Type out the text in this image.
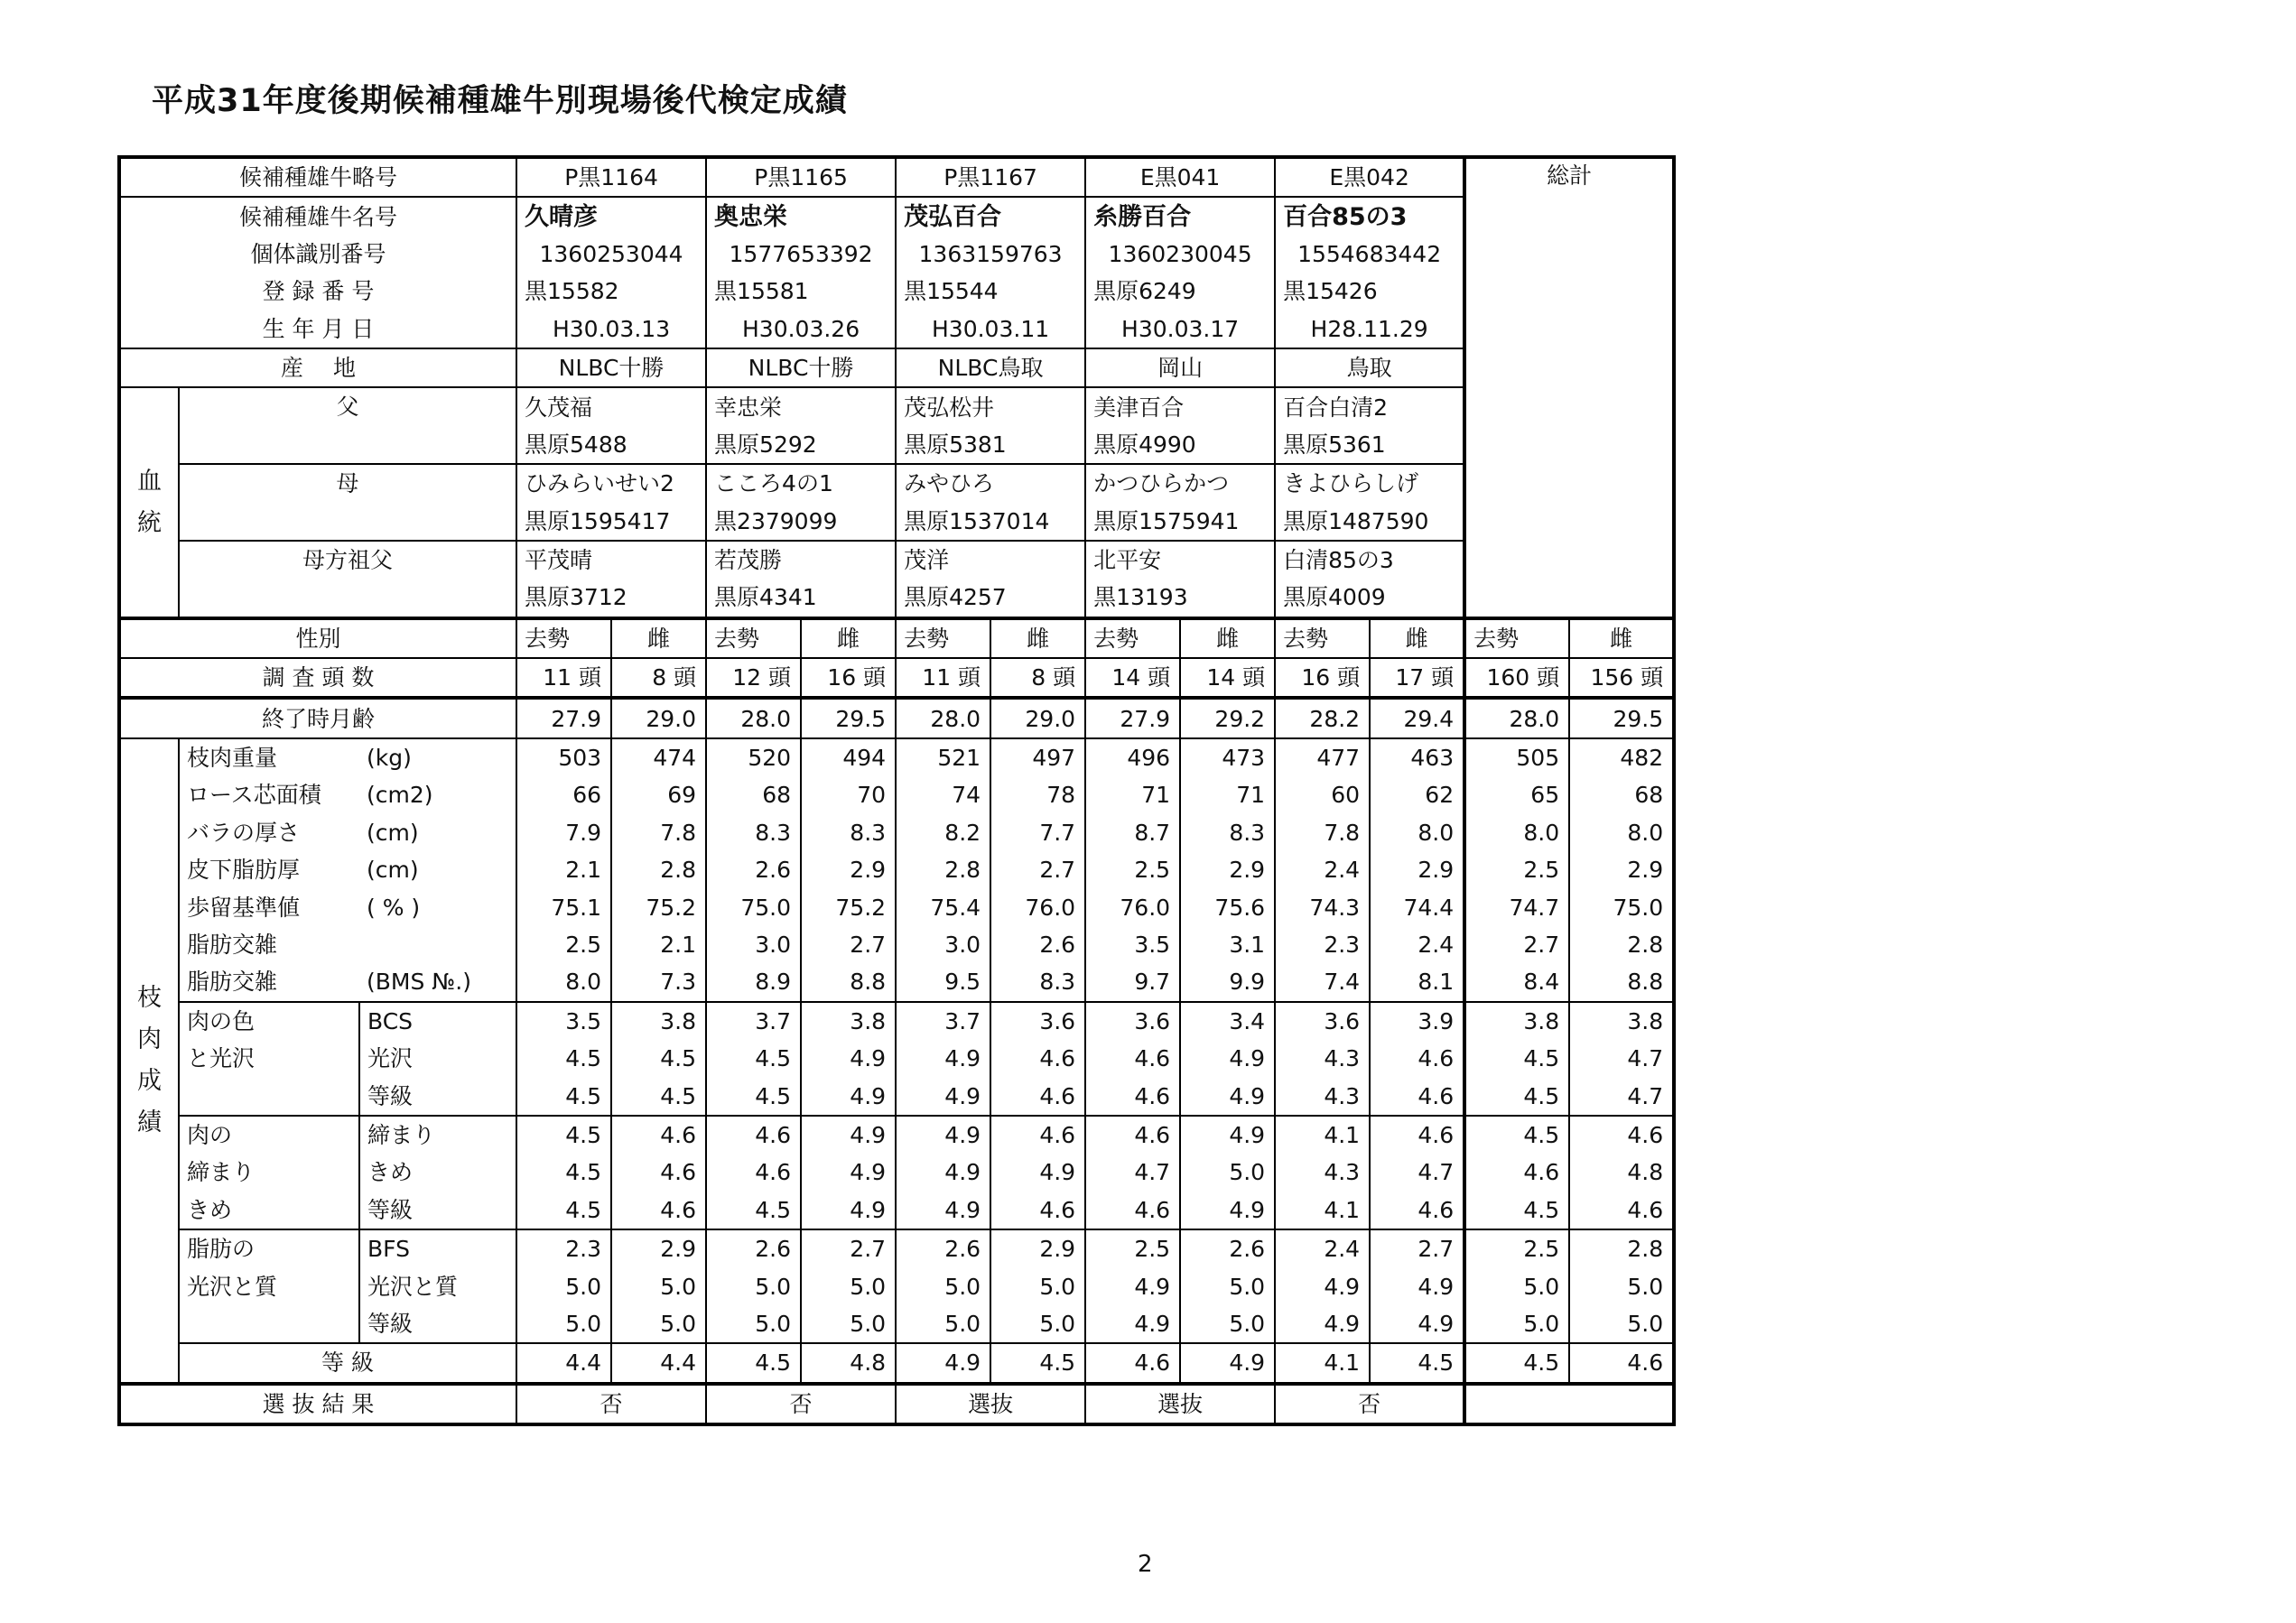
平成31年度後期候補種雄牛別現場後代検定成績
候補種雄牛略号			P黒1164		P黒1165		P黒1167		E黒041		E黒042		総計	
候補種雄牛名号			久晴彦		奥忠栄		茂弘百合		糸勝百合		百合85の3			
個体識別番号			1360253044		1577653392		1363159763		1360230045		1554683442			
登 録 番 号			黒15582		黒15581		黒15544		黒原6249		黒15426			
生 年 月 日			H30.03.13		H30.03.26		H30.03.11		H30.03.17		H28.11.29			
産　 地			NLBC十勝		NLBC十勝		NLBC鳥取		岡山		鳥取			

血
統	父		久茂福		幸忠栄		茂弘松井		美津百合		百合白清2			
			黒原5488		黒原5292		黒原5381		黒原4990		黒原5361			
	母		ひみらいせい2		こころ4の1		みやひろ		かつひらかつ		きよひらしげ			
			黒原1595417		黒2379099		黒原1537014		黒原1575941		黒原1487590			
	母方祖父		平茂晴		若茂勝		茂洋		北平安		白清85の3			
			黒原3712		黒原4341		黒原4257		黒13193		黒原4009			
性別			去勢	雌	去勢	雌	去勢	雌	去勢	雌	去勢	雌	去勢	雌
調 査 頭 数			11 頭	8 頭	12 頭	16 頭	11 頭	8 頭	14 頭	14 頭	16 頭	17 頭	160 頭	156 頭
終了時月齢			27.9	29.0	28.0	29.5	28.0	29.0	27.9	29.2	28.2	29.4	28.0	29.5

枝
肉
成
績	枝肉重量	(kg)	503	474	520	494	521	497	496	473	477	463	505	482
	ロース芯面積	(cm2)	66	69	68	70	74	78	71	71	60	62	65	68
	バラの厚さ	(cm)	7.9	7.8	8.3	8.3	8.2	7.7	8.7	8.3	7.8	8.0	8.0	8.0
	皮下脂肪厚	(cm)	2.1	2.8	2.6	2.9	2.8	2.7	2.5	2.9	2.4	2.9	2.5	2.9
	歩留基準値	( % )	75.1	75.2	75.0	75.2	75.4	76.0	76.0	75.6	74.3	74.4	74.7	75.0
	脂肪交雑		2.5	2.1	3.0	2.7	3.0	2.6	3.5	3.1	2.3	2.4	2.7	2.8
	脂肪交雑	(BMS №.)	8.0	7.3	8.9	8.8	9.5	8.3	9.7	9.9	7.4	8.1	8.4	8.8
	肉の色	BCS	3.5	3.8	3.7	3.8	3.7	3.6	3.6	3.4	3.6	3.9	3.8	3.8
	と光沢	光沢	4.5	4.5	4.5	4.9	4.9	4.6	4.6	4.9	4.3	4.6	4.5	4.7
		等級	4.5	4.5	4.5	4.9	4.9	4.6	4.6	4.9	4.3	4.6	4.5	4.7
	肉の	締まり	4.5	4.6	4.6	4.9	4.9	4.6	4.6	4.9	4.1	4.6	4.5	4.6
	締まり	きめ	4.5	4.6	4.6	4.9	4.9	4.9	4.7	5.0	4.3	4.7	4.6	4.8
	きめ	等級	4.5	4.6	4.5	4.9	4.9	4.6	4.6	4.9	4.1	4.6	4.5	4.6
	脂肪の	BFS	2.3	2.9	2.6	2.7	2.6	2.9	2.5	2.6	2.4	2.7	2.5	2.8
	光沢と質	光沢と質	5.0	5.0	5.0	5.0	5.0	5.0	4.9	5.0	4.9	4.9	5.0	5.0
		等級	5.0	5.0	5.0	5.0	5.0	5.0	4.9	5.0	4.9	4.9	5.0	5.0
	等 級		4.4	4.4	4.5	4.8	4.9	4.5	4.6	4.9	4.1	4.5	4.5	4.6
選 抜 結 果			否		否		選抜		選抜		否			
2
